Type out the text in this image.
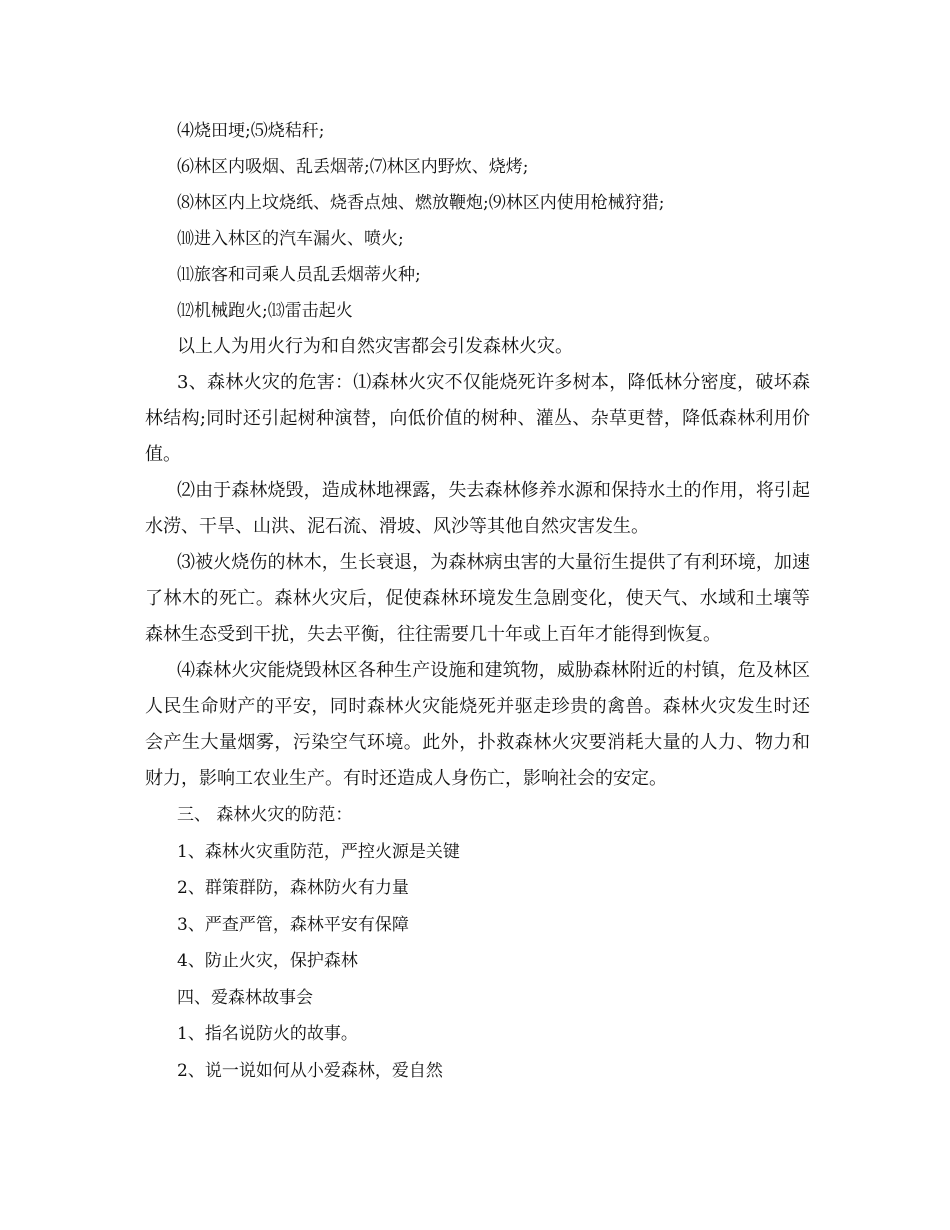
⑷烧田埂;⑸烧秸秆;
⑹林区内吸烟、乱丢烟蒂;⑺林区内野炊、烧烤;
⑻林区内上坟烧纸、烧香点烛、燃放鞭炮;⑼林区内使用枪械狩猎;
⑽进入林区的汽车漏火、喷火;
⑾旅客和司乘人员乱丢烟蒂火种;
⑿机械跑火;⒀雷击起火

以上人为用火行为和自然灾害都会引发森林火灾。

3、森林火灾的危害：⑴森林火灾不仅能烧死许多树本，降低林分密度，破坏森林结构;同时还引起树种演替，向低价值的树种、灌丛、杂草更替，降低森林利用价值。

⑵由于森林烧毁，造成林地裸露，失去森林修养水源和保持水土的作用，将引起水涝、干旱、山洪、泥石流、滑坡、风沙等其他自然灾害发生。

⑶被火烧伤的林木，生长衰退，为森林病虫害的大量衍生提供了有利环境，加速了林木的死亡。森林火灾后，促使森林环境发生急剧变化，使天气、水域和土壤等森林生态受到干扰，失去平衡，往往需要几十年或上百年才能得到恢复。

⑷森林火灾能烧毁林区各种生产设施和建筑物，威胁森林附近的村镇，危及林区人民生命财产的平安，同时森林火灾能烧死并驱走珍贵的禽兽。森林火灾发生时还会产生大量烟雾，污染空气环境。此外，扑救森林火灾要消耗大量的人力、物力和财力，影响工农业生产。有时还造成人身伤亡，影响社会的安定。

三、 森林火灾的防范：
1、森林火灾重防范，严控火源是关键
2、群策群防，森林防火有力量
3、严查严管，森林平安有保障
4、防止火灾，保护森林
四、爱森林故事会
1、指名说防火的故事。
2、说一说如何从小爱森林，爱自然
